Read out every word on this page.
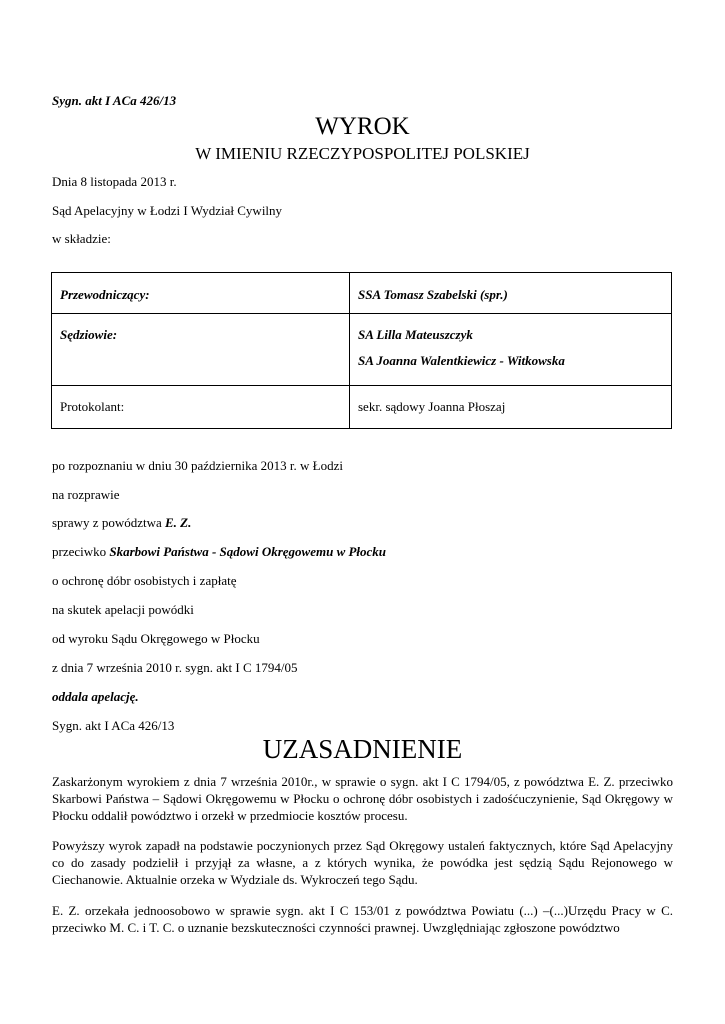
Sygn. akt I ACa 426/13
WYROK
W IMIENIU RZECZYPOSPOLITEJ POLSKIEJ
Dnia 8 listopada 2013 r.
Sąd Apelacyjny w Łodzi I Wydział Cywilny
w składzie:
Przewodniczący:	SSA Tomasz Szabelski (spr.)
Sędziowie:	SA Lilla Mateuszczyk
SA Joanna Walentkiewicz - Witkowska

Protokolant:	sekr. sądowy Joanna Płoszaj
po rozpoznaniu w dniu 30 października 2013 r. w Łodzi
na rozprawie
sprawy z powództwa E. Z.
przeciwko Skarbowi Państwa - Sądowi Okręgowemu w Płocku
o ochronę dóbr osobistych i zapłatę
na skutek apelacji powódki
od wyroku Sądu Okręgowego w Płocku
z dnia 7 września 2010 r. sygn. akt I C 1794/05
oddala apelację.
Sygn. akt I ACa 426/13
UZASADNIENIE

Zaskarżonym wyrokiem z dnia 7 września 2010r., w sprawie o sygn. akt I C 1794/05, z powództwa E. Z. przeciwko Skarbowi Państwa – Sądowi Okręgowemu w Płocku o ochronę dóbr osobistych i zadośćuczynienie, Sąd Okręgowy w Płocku oddalił powództwo i orzekł w przedmiocie kosztów procesu.

Powyższy wyrok zapadł na podstawie poczynionych przez Sąd Okręgowy ustaleń faktycznych, które Sąd Apelacyjny co do zasady podzielił i przyjął za własne, a z których wynika, że powódka jest sędzią Sądu Rejonowego w Ciechanowie. Aktualnie orzeka w Wydziale ds. Wykroczeń tego Sądu.

E. Z. orzekała jednoosobowo w sprawie sygn. akt I C 153/01 z powództwa Powiatu (...) –(...)Urzędu Pracy w C. przeciwko M. C. i T. C. o uznanie bezskuteczności czynności prawnej. Uwzględniając zgłoszone powództwo
